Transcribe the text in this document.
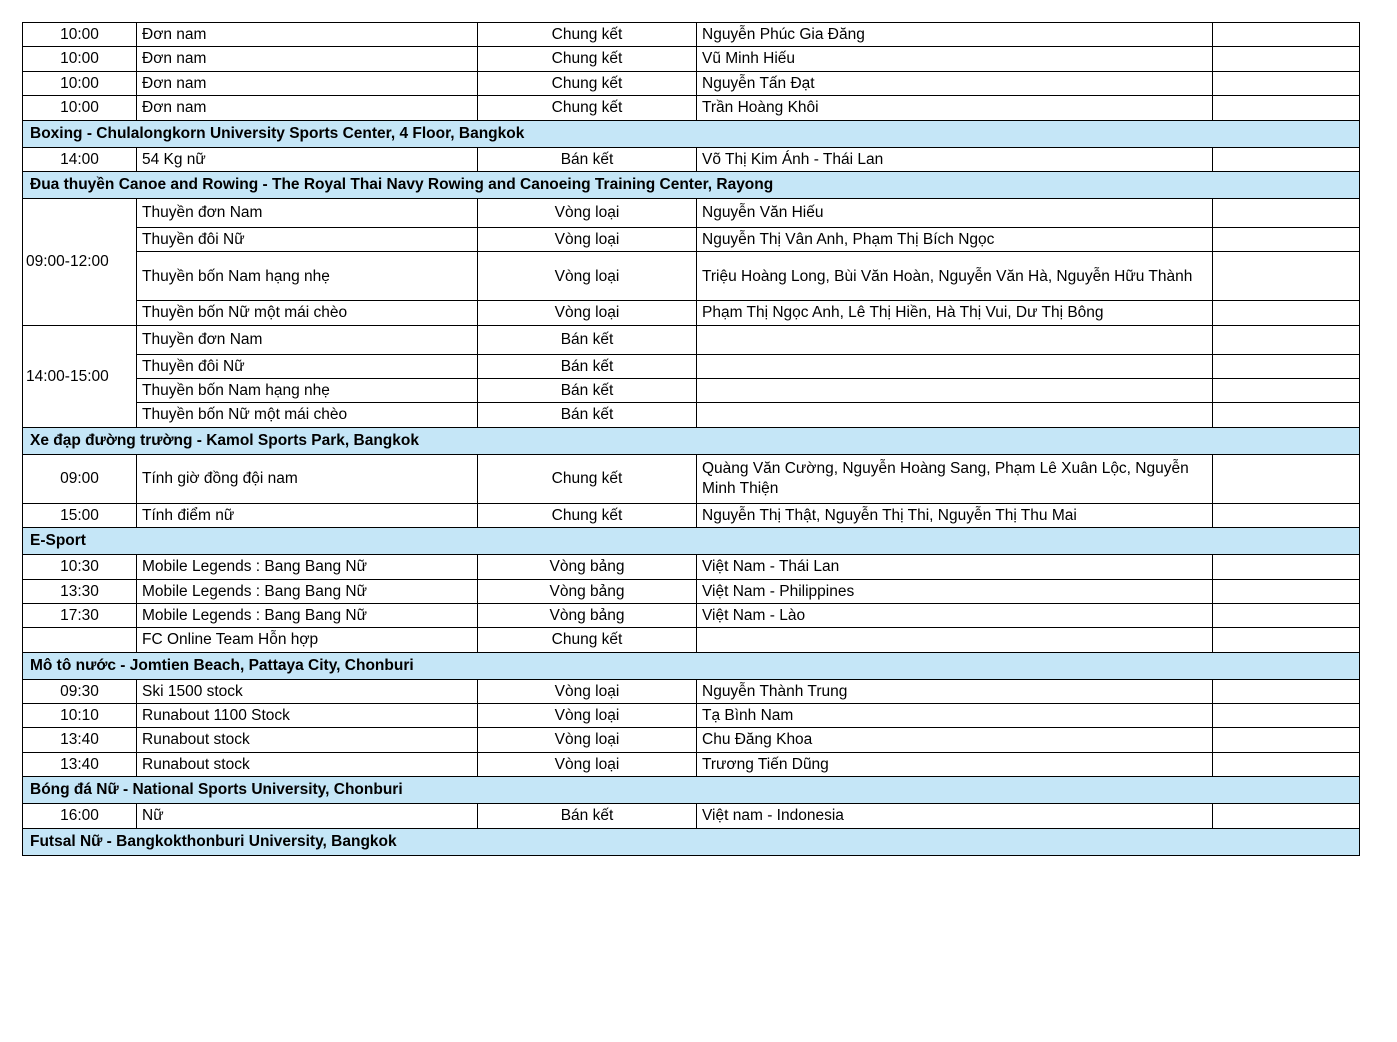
10:00	Đơn nam	Chung kết	Nguyễn Phúc Gia Đăng	
10:00	Đơn nam	Chung kết	Vũ Minh Hiếu	
10:00	Đơn nam	Chung kết	Nguyễn Tấn Đạt	
10:00	Đơn nam	Chung kết	Trần Hoàng Khôi	
Boxing - Chulalongkorn University Sports Center, 4 Floor, Bangkok				
14:00	54 Kg nữ	Bán kết	Võ Thị Kim Ánh - Thái Lan	
Đua thuyền Canoe and Rowing - The Royal Thai Navy Rowing and Canoeing Training Center, Rayong				
09:00-12:00	Thuyền đơn Nam	Vòng loại	Nguyễn Văn Hiếu	
	Thuyền đôi Nữ	Vòng loại	Nguyễn Thị Vân Anh, Phạm Thị Bích Ngọc	
	Thuyền bốn Nam hạng nhẹ	Vòng loại	Triệu Hoàng Long, Bùi Văn Hoàn, Nguyễn Văn Hà, Nguyễn Hữu Thành	
	Thuyền bốn Nữ một mái chèo	Vòng loại	Phạm Thị Ngọc Anh, Lê Thị Hiền, Hà Thị Vui, Dư Thị Bông	
14:00-15:00	Thuyền đơn Nam	Bán kết		
	Thuyền đôi Nữ	Bán kết		
	Thuyền bốn Nam hạng nhẹ	Bán kết		
	Thuyền bốn Nữ một mái chèo	Bán kết		
Xe đạp đường trường - Kamol Sports Park, Bangkok				
09:00	Tính giờ đồng đội nam	Chung kết	Quàng Văn Cường, Nguyễn Hoàng Sang, Phạm Lê Xuân Lộc, Nguyễn Minh Thiện	
15:00	Tính điểm nữ	Chung kết	Nguyễn Thị Thật, Nguyễn Thị Thi, Nguyễn Thị Thu Mai	
E-Sport				
10:30	Mobile Legends : Bang Bang Nữ	Vòng bảng	Việt Nam - Thái Lan	
13:30	Mobile Legends : Bang Bang Nữ	Vòng bảng	Việt Nam - Philippines	
17:30	Mobile Legends : Bang Bang Nữ	Vòng bảng	Việt Nam - Lào	
	FC Online Team Hỗn hợp	Chung kết		
Mô tô nước - Jomtien Beach, Pattaya City, Chonburi				
09:30	Ski 1500 stock	Vòng loại	Nguyễn Thành Trung	
10:10	Runabout 1100 Stock	Vòng loại	Tạ Bình Nam	
13:40	Runabout stock	Vòng loại	Chu Đăng Khoa	
13:40	Runabout stock	Vòng loại	Trương Tiến Dũng	
Bóng đá Nữ - National Sports University, Chonburi				
16:00	Nữ	Bán kết	Việt nam - Indonesia	
Futsal Nữ - Bangkokthonburi University, Bangkok				
